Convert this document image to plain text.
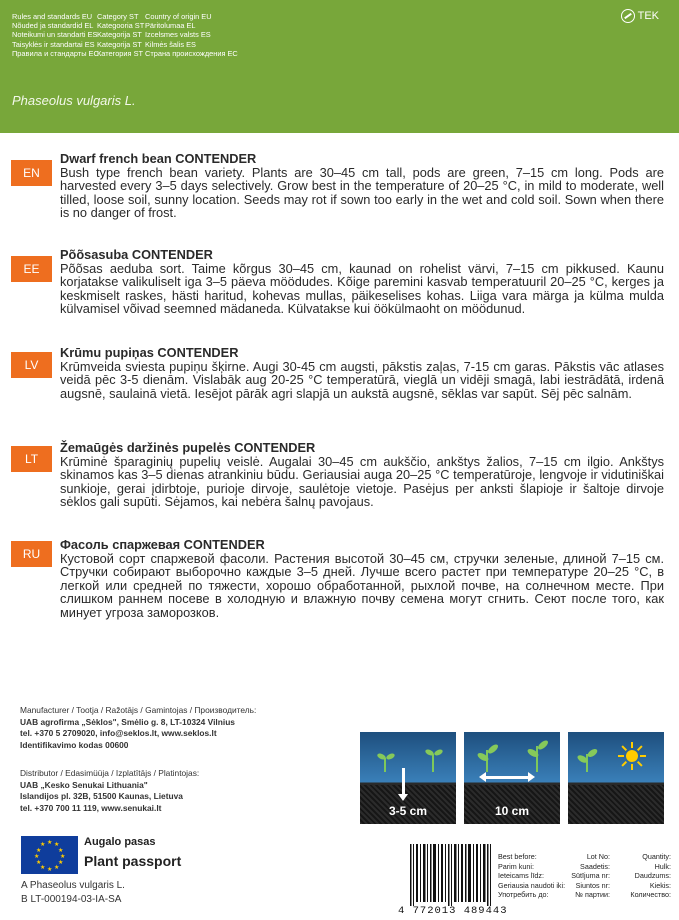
Rules and standards EU
Nõuded ja standardid EL
Noteikumi un standarti ES
Taisyklės ir standartai ES
Правила и стандарты ЕС
Category ST
Kategooria ST
Kategorija ST
Kategorija ST
Категория ST
Country of origin EU
Päritolumaa EL
Izcelsmes valsts ES
Kilmės šalis ES
Страна происхождения ЕС
Phaseolus vulgaris L.
TEK
EN
Dwarf french bean CONTENDER
Bush type french bean variety. Plants are 30–45 cm tall, pods are green, 7–15 cm long. Pods are harvested every 3–5 days selectively. Grow best in the temperature of 20–25 °C, in mild to moderate, well tilled, loose soil, sunny location. Seeds may rot if sown too early in the wet and cold soil. Sown when there is no danger of frost.
EE
Põõsasuba CONTENDER
Põõsas aeduba sort. Taime kõrgus 30–45 cm, kaunad on rohelist värvi, 7–15 cm pikkused. Kaunu korjatakse valikuliselt iga 3–5 päeva möödudes. Kõige paremini kasvab temperatuuril 20–25 °C, kerges ja keskmiselt raskes, hästi haritud, kohevas mullas, päikeselises kohas. Liiga vara märga ja külma mulda külvamisel võivad seemned mädaneda. Külvatakse kui öökülmaoht on möödunud.
LV
Krūmu pupiņas CONTENDER
Krūmveida sviesta pupiņu šķirne. Augi 30-45 cm augsti, pākstis zaļas, 7-15 cm garas. Pākstis vāc atlases veidā pēc 3-5 dienām. Vislabāk aug 20-25 °C temperatūrā, vieglā un vidēji smagā, labi iestrādātā, irdenā augsnē, saulainā vietā. Iesējot pārāk agri slapjā un aukstā augsnē, sēklas var sapūt. Sēj pēc salnām.
LT
Žemaūgės daržinės pupelės CONTENDER
Krūminė šparaginių pupelių veislė. Augalai 30–45 cm aukščio, ankštys žalios, 7–15 cm ilgio. Ankštys skinamos kas 3–5 dienas atrankiniu būdu. Geriausiai auga 20–25 °C temperatūroje, lengvoje ir vidutiniškai sunkioje, gerai įdirbtoje, purioje dirvoje, saulėtoje vietoje. Pasėjus per anksti šlapioje ir šaltoje dirvoje sėklos gali supūti. Sėjamos, kai nebėra šalnų pavojaus.
RU
Фасоль спаржевая CONTENDER
Кустовой сорт спаржевой фасоли. Растения высотой 30–45 см, стручки зеленые, длиной 7–15 см. Стручки собирают выборочно каждые 3–5 дней. Лучше всего растет при температуре 20–25 °С, в легкой или средней по тяжести, хорошо обработанной, рыхлой почве, на солнечном месте. При слишком раннем посеве в холодную и влажную почву семена могут сгнить. Сеют после того, как минует угроза заморозков.
Manufacturer / Tootja / Ražotājs / Gamintojas / Производитель:
UAB agrofirma „Sėklos", Smėlio g. 8, LT-10324 Vilnius
tel. +370 5 2709020, info@seklos.lt, www.seklos.lt
Identifikavimo kodas 00600
Distributor / Edasimüüja / Izplatītājs / Platintojas:
UAB „Kesko Senukai Lithuania"
Islandijos pl. 32B, 51500 Kaunas, Lietuva
tel. +370 700 11 119, www.senukai.lt
★ ★
★
★
★
★
★
★
★
★
★
★	Augalo pasas
Plant passport
A Phaseolus vulgaris L.
B LT-000194-03-IA-SA
3-5 cm	10 cm
4 772013 489443
Best before:
Parim kuni:
Ieteicams līdz:
Geriausia naudoti iki:
Употребить до:
Lot No:
Saadetis:
Sūtījuma nr:
Siuntos nr:
№ партии:
Quantity:
Hulk:
Daudzums:
Kiekis:
Количество:
